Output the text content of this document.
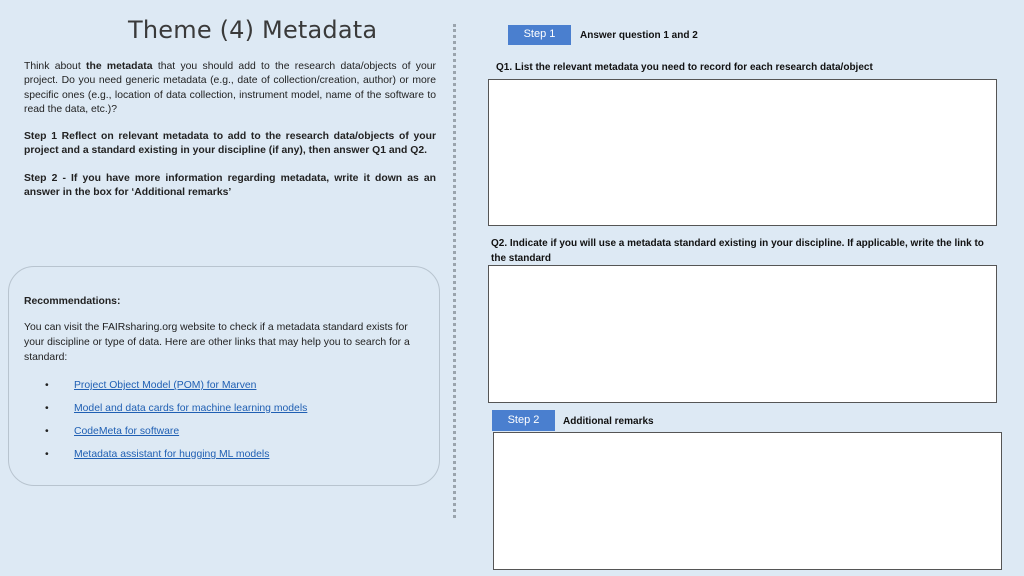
Theme (4) Metadata

Think about the metadata that you should add to the research data/objects of your project. Do you need generic metadata (e.g., date of collection/creation, author) or more specific ones (e.g., location of data collection, instrument model, name of the software to read the data, etc.)?

Step 1 Reflect on relevant metadata to add to the research data/objects of your project and a standard existing in your discipline (if any), then answer Q1 and Q2.

Step 2 - If you have more information regarding metadata, write it down as an answer in the box for ‘Additional remarks’

Recommendations:
You can visit the FAIRsharing.org website to check if a metadata standard exists for your discipline or type of data. Here are other links that may help you to search for a standard:
• Project Object Model (POM) for Marven
• Model and data cards for machine learning models
• CodeMeta for software
• Metadata assistant for hugging ML models
Step 1	Answer question 1 and 2
Q1. List the relevant metadata you need to record for each research data/object
Q2. Indicate if you will use a metadata standard existing in your discipline. If applicable, write the link to the standard
Step 2	Additional remarks
